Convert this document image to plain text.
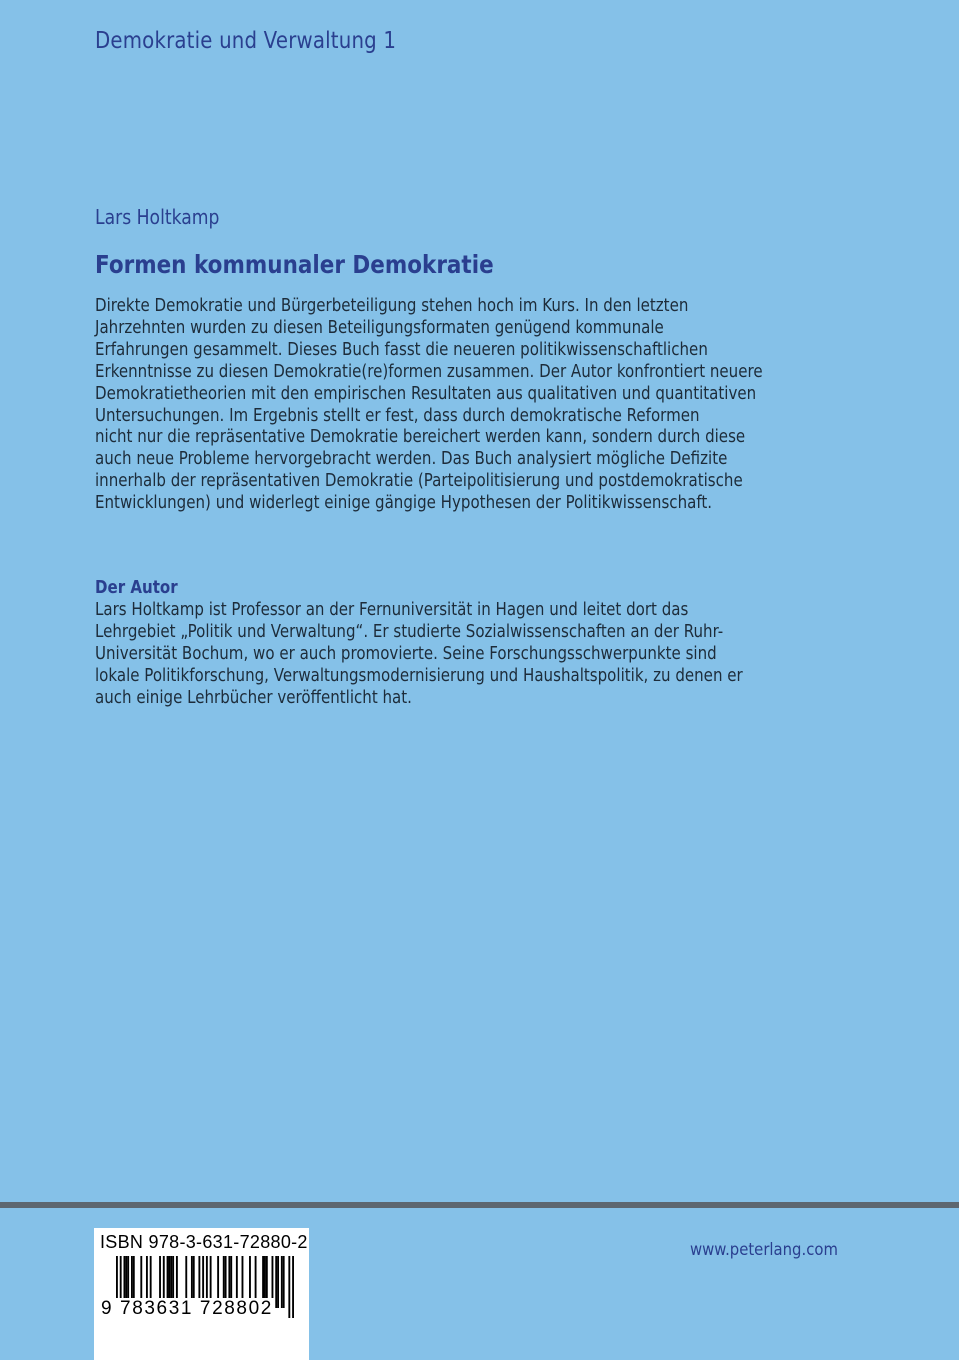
Demokratie und Verwaltung 1
Lars Holtkamp
Formen kommunaler Demokratie
Direkte Demokratie und Bürgerbeteiligung stehen hoch im Kurs. In den letzten
Jahrzehnten wurden zu diesen Beteiligungsformaten genügend kommunale
Erfahrungen gesammelt. Dieses Buch fasst die neueren politikwissenschaftlichen
Erkenntnisse zu diesen Demokratie(re)formen zusammen. Der Autor konfrontiert neuere
Demokratietheorien mit den empirischen Resultaten aus qualitativen und quantitativen
Untersuchungen. Im Ergebnis stellt er fest, dass durch demokratische Reformen
nicht nur die repräsentative Demokratie bereichert werden kann, sondern durch diese
auch neue Probleme hervorgebracht werden. Das Buch analysiert mögliche Defizite
innerhalb der repräsentativen Demokratie (Parteipolitisierung und postdemokratische
Entwicklungen) und widerlegt einige gängige Hypothesen der Politikwissenschaft.
Der Autor
Lars Holtkamp ist Professor an der Fernuniversität in Hagen und leitet dort das
Lehrgebiet „Politik und Verwaltung“. Er studierte Sozialwissenschaften an der Ruhr-
Universität Bochum, wo er auch promovierte. Seine Forschungsschwerpunkte sind
lokale Politikforschung, Verwaltungsmodernisierung und Haushaltspolitik, zu denen er
auch einige Lehrbücher veröffentlicht hat.
ISBN 978-3-631-72880-2
9 783631 728802
www.peterlang.com
